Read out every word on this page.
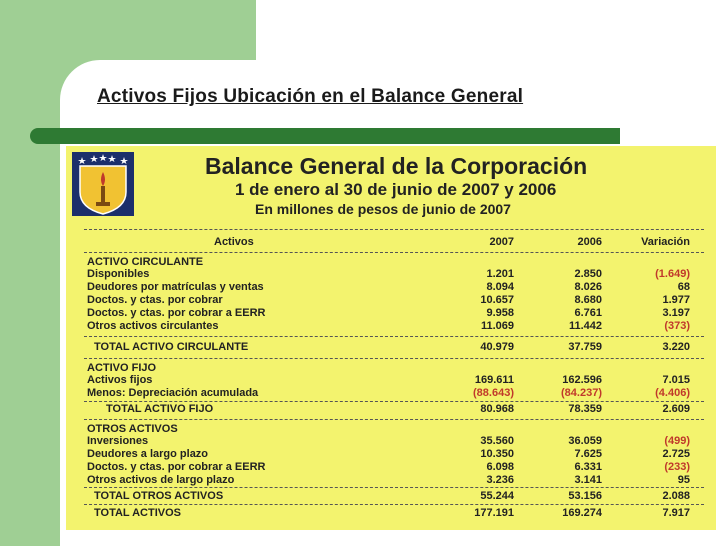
Activos Fijos Ubicación en el Balance General
Balance General de la Corporación
1 de enero al 30 de junio de 2007 y 2006
En millones de pesos de junio de 2007
Activos	2007	2006	Variación
ACTIVO CIRCULANTE
Disponibles	1.201	2.850	(1.649)
Deudores por matrículas y ventas	8.094	8.026	68
Doctos. y ctas. por cobrar	10.657	8.680	1.977
Doctos. y ctas. por cobrar a EERR	9.958	6.761	3.197
Otros activos circulantes	11.069	11.442	(373)
TOTAL ACTIVO CIRCULANTE	40.979	37.759	3.220
ACTIVO FIJO
Activos fijos	169.611	162.596	7.015
Menos: Depreciación acumulada	(88.643)	(84.237)	(4.406)
TOTAL ACTIVO FIJO	80.968	78.359	2.609
OTROS ACTIVOS
Inversiones	35.560	36.059	(499)
Deudores a largo plazo	10.350	7.625	2.725
Doctos. y ctas. por cobrar a EERR	6.098	6.331	(233)
Otros activos de largo plazo	3.236	3.141	95
TOTAL OTROS ACTIVOS	55.244	53.156	2.088
TOTAL ACTIVOS	177.191	169.274	7.917
